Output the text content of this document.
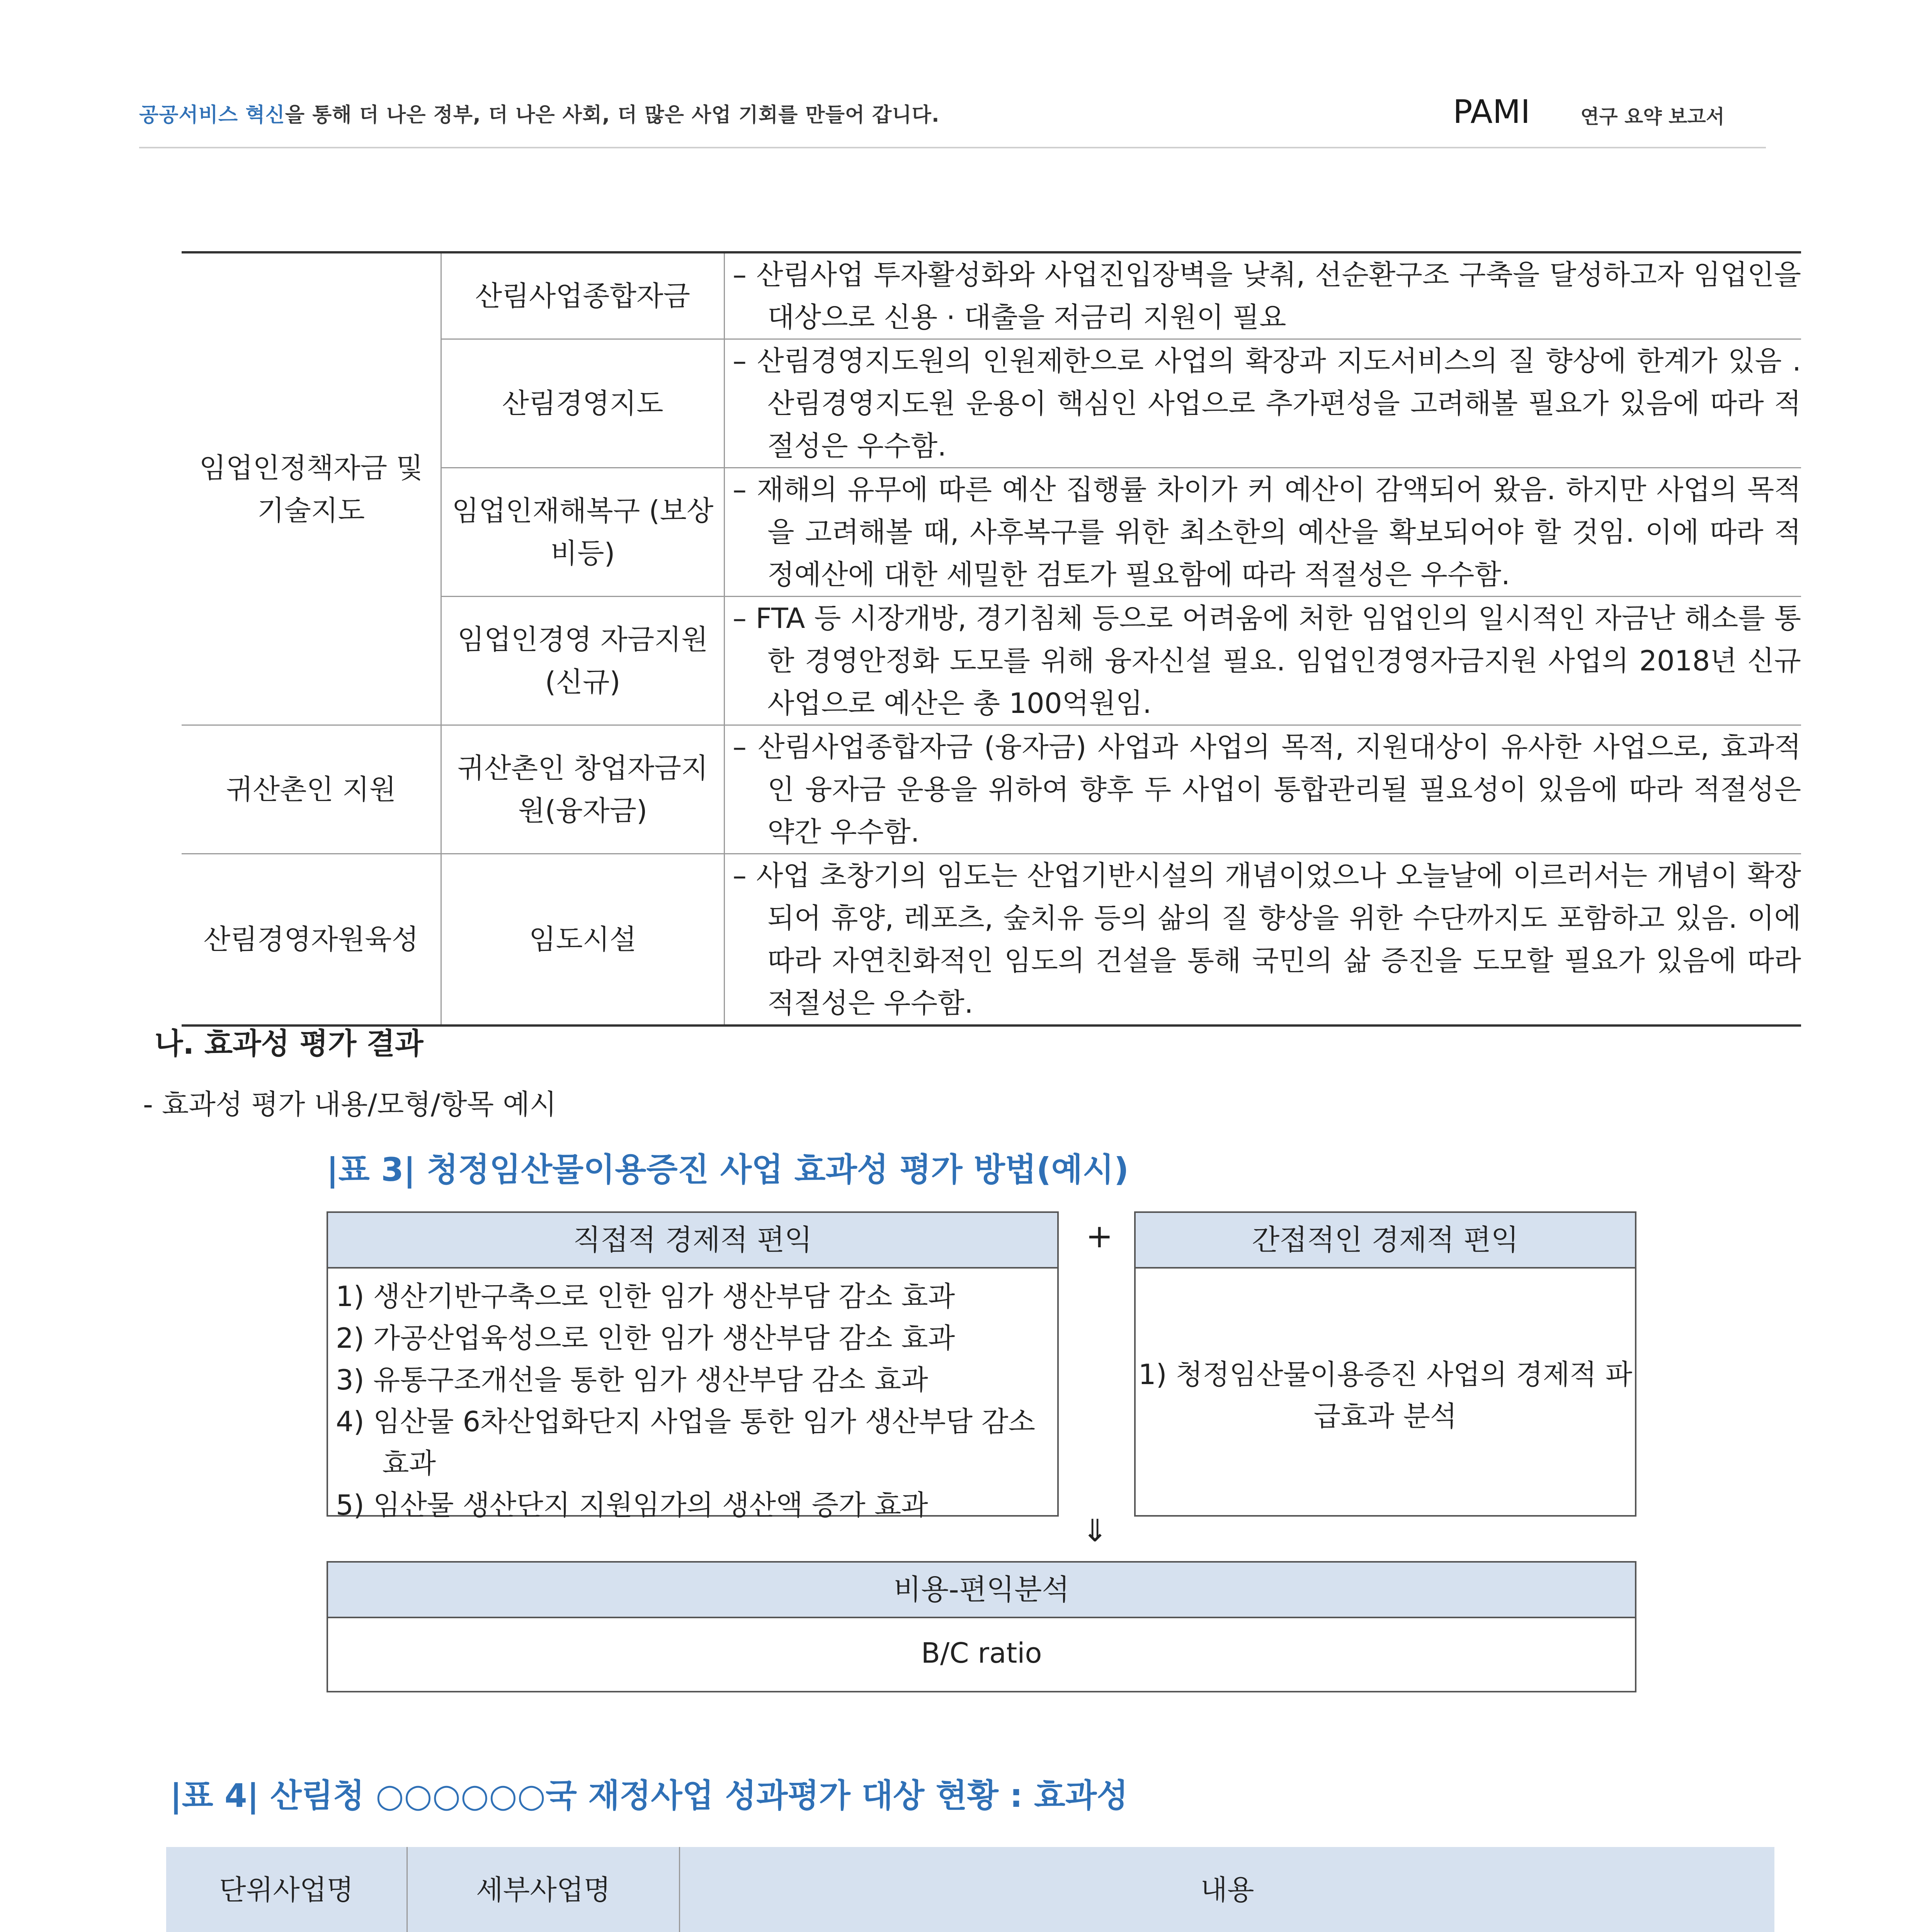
공공서비스 혁신을 통해 더 나은 정부, 더 나은 사회, 더 많은 사업 기회를 만들어 갑니다.	PAMI	연구 요약 보고서
임업인정책자금 및 기술지도	산림사업종합자금	– 산림사업 투자활성화와 사업진입장벽을 낮춰, 선순환구조 구축을 달성하고자 임업인을 대상으로 신용 · 대출을 저금리 지원이 필요

	산림경영지도	– 산림경영지도원의 인원제한으로 사업의 확장과 지도서비스의 질 향상에 한계가 있음 . 산림경영지도원 운용이 핵심인 사업으로 추가편성을 고려해볼 필요가 있음에 따라 적절성은 우수함.

	임업인재해복구 (보상비등)	– 재해의 유무에 따른 예산 집행률 차이가 커 예산이 감액되어 왔음. 하지만 사업의 목적을 고려해볼 때, 사후복구를 위한 최소한의 예산을 확보되어야 할 것임. 이에 따라 적정예산에 대한 세밀한 검토가 필요함에 따라 적절성은 우수함.

	임업인경영 자금지원(신규)	– FTA 등 시장개방, 경기침체 등으로 어려움에 처한 임업인의 일시적인 자금난 해소를 통한 경영안정화 도모를 위해 융자신설 필요. 임업인경영자금지원 사업의 2018년 신규사업으로 예산은 총 100억원임.

귀산촌인 지원	귀산촌인 창업자금지원(융자금)	– 산림사업종합자금 (융자금) 사업과 사업의 목적, 지원대상이 유사한 사업으로, 효과적인 융자금 운용을 위하여 향후 두 사업이 통합관리될 필요성이 있음에 따라 적절성은 약간 우수함.

산림경영자원육성	임도시설	– 사업 초창기의 임도는 산업기반시설의 개념이었으나 오늘날에 이르러서는 개념이 확장되어 휴양, 레포츠, 숲치유 등의 삶의 질 향상을 위한 수단까지도 포함하고 있음. 이에 따라 자연친화적인 임도의 건설을 통해 국민의 삶 증진을 도모할 필요가 있음에 따라 적절성은 우수함.
나. 효과성 평가 결과
- 효과성 평가 내용/모형/항목 예시
|표 3| 청정임산물이용증진 사업 효과성 평가 방법(예시)
직접적 경제적 편익
1) 생산기반구축으로 인한 임가 생산부담 감소 효과
2) 가공산업육성으로 인한 임가 생산부담 감소 효과
3) 유통구조개선을 통한 임가 생산부담 감소 효과
4) 임산물 6차산업화단지 사업을 통한 임가 생산부담 감소 효과
5) 임산물 생산단지 지원임가의 생산액 증가 효과
+	간접적인 경제적 편익
1) 청정임산물이용증진 사업의 경제적 파급효과 분석
⇓
비용-편익분석
B/C ratio
|표 4| 산림청 ○○○○○○국 재정사업 성과평가 대상 현황 : 효과성
단위사업명	세부사업명	내용
